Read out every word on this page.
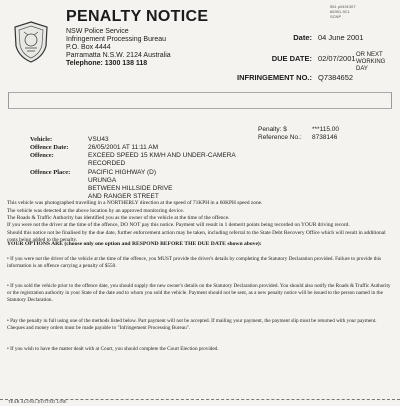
551 p0491307
66391-9C1
SCNP
PENALTY NOTICE
NSW Police Service
Infringement Processing Bureau
P.O. Box 4444
Parramatta N.S.W. 2124 Australia
Telephone: 1300 138 118
Date: 04 June 2001
DUE DATE: 02/07/2001 OR NEXT WORKING DAY
INFRINGEMENT NO.: Q7384652
Penalty: $	***115.00
Reference No.: 8738146
Vehicle:	VSU43
Offence Date:	26/05/2001 AT 11:11 AM
Offence:	EXCEED SPEED 15 KM/H AND UNDER-CAMERA
RECORDED
Offence Place:	PACIFIC HIGHWAY (D)
URUNGA
BETWEEN HILLSIDE DRIVE
AND RANGER STREET
This vehicle was photographed travelling in a NORTHERLY direction at the speed of 71KPH in a 60KPH speed zone.
The vehicle was detected at the above location by an approved monitoring device.
The Roads & Traffic Authority has identified you as the owner of the vehicle at the time of the offence.
If you were not the driver at the time of the offence, DO NOT pay this notice. Payment will result in 1 demerit points being recorded on YOUR driving record.
Should this notice not be finalised by the due date, further enforcement action may be taken, including referral to the State Debt Recovery Office which will result in additional costs being added to the penalty.
YOUR OPTIONS ARE (choose only one option and RESPOND BEFORE THE DUE DATE shown above):
• If you were not the driver of the vehicle at the time of the offence, you MUST provide the driver's details by completing the Statutory Declaration provided. Failure to provide this information is an offence carrying a penalty of $550.
• If you sold the vehicle prior to the offence date, you should supply the new owner's details on the Statutory Declaration provided. You should also notify the Roads & Traffic Authority or the registration authority in your State of the date and to whom you sold the vehicle. Payment should not be sent, as a new penalty notice will be issued to the person named in the Statutory Declaration.
• Pay the penalty in full using one of the methods listed below. Part payment will not be accepted. If mailing your payment, the payment slip must be returned with your payment. Cheques and money orders must be made payable to "Infringement Processing Bureau".
• If you wish to have the matter dealt with at Court, you should complete the Court Election provided.
TEAR ALONG DOTTED LINE
